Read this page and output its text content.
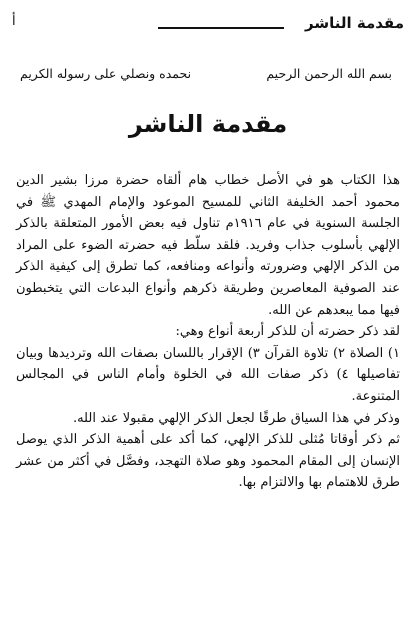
مقدمة الناشر
أ
بسم الله الرحمن الرحيم
نحمده ونصلي على رسوله الكريم
مقدمة الناشر

هذا الكتاب هو في الأصل خطاب هام ألقاه حضرة مرزا بشير الدين محمود أحمد الخليفة الثاني للمسيح الموعود والإمام المهدي ﷺ في الجلسة السنوية في عام ١٩١٦م تناول فيه بعض الأمور المتعلقة بالذكر الإلهي بأسلوب جذاب وفريد. فلقد سلّط فيه حضرته الضوء على المراد من الذكر الإلهي وضرورته وأنواعه ومنافعه، كما تطرق إلى كيفية الذكر عند الصوفية المعاصرين وطريقة ذكرهم وأنواع البدعات التي يتخبطون فيها مما يبعدهم عن الله.

لقد ذكر حضرته أن للذكر أربعة أنواع وهي:

١) الصلاة ٢) تلاوة القرآن ٣) الإقرار باللسان بصفات الله وترديدها وبيان تفاصيلها ٤) ذكر صفات الله في الخلوة وأمام الناس في المجالس المتنوعة.

وذكر في هذا السياق طرقًا لجعل الذكر الإلهي مقبولا عند الله.

ثم ذكر أوقاتا مُثلى للذكر الإلهي، كما أكد على أهمية الذكر الذي يوصل الإنسان إلى المقام المحمود وهو صلاة التهجد، وفصَّل في أكثر من عشر طرق للاهتمام بها والالتزام بها.
